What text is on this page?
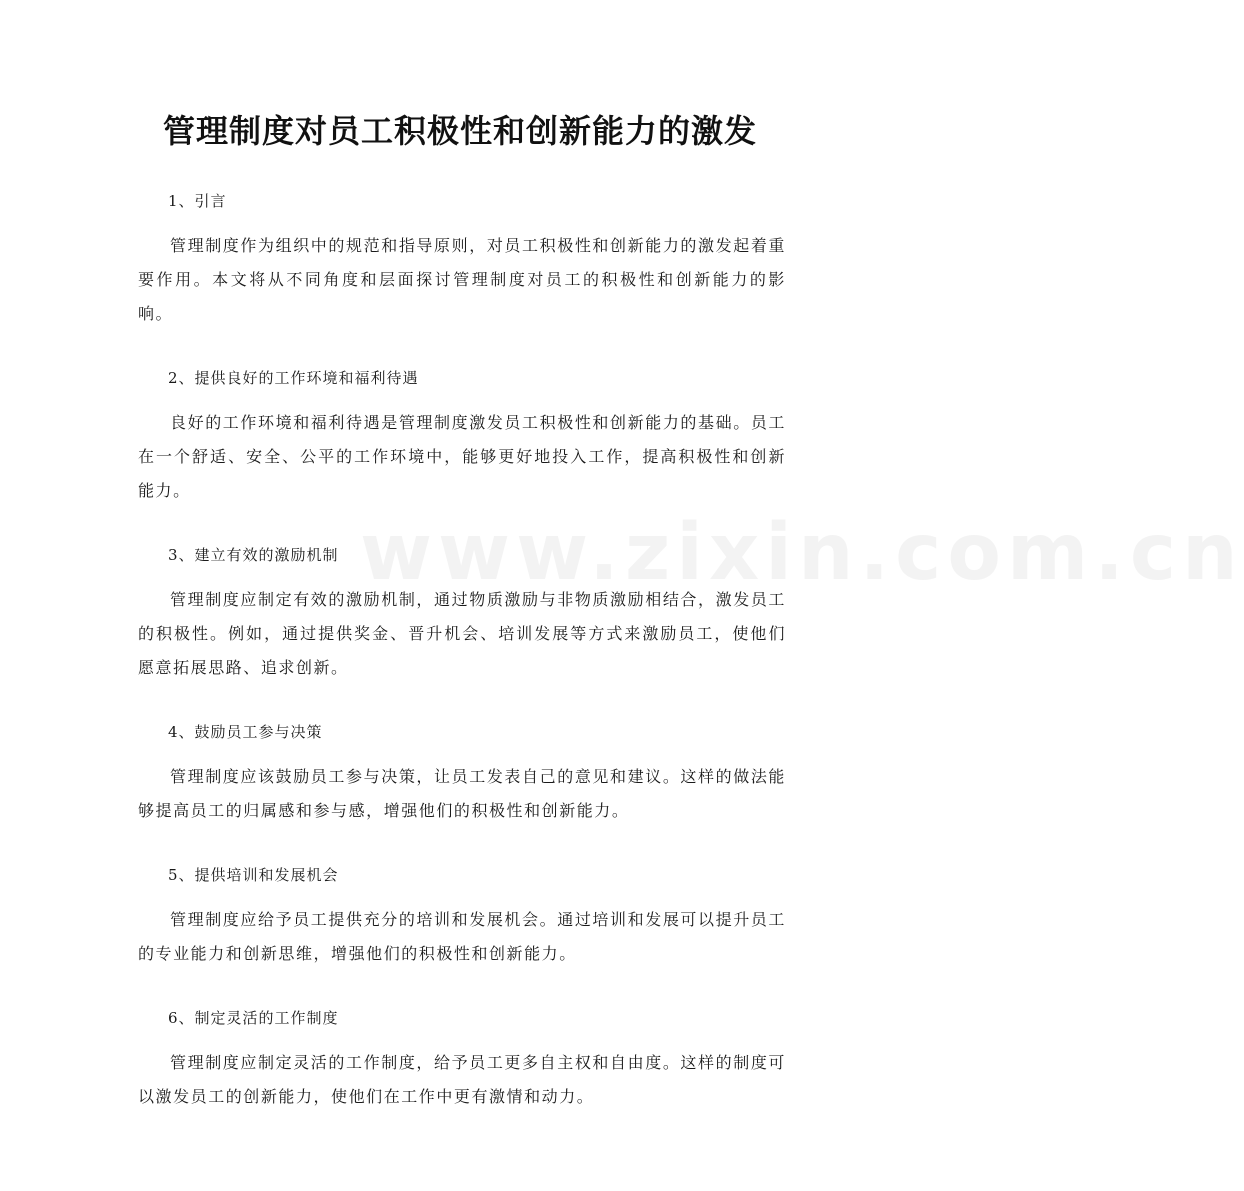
www.zixin.com.cn
管理制度对员工积极性和创新能力的激发

1、引言

管理制度作为组织中的规范和指导原则，对员工积极性和创新能力的激发起着重要作用。本文将从不同角度和层面探讨管理制度对员工的积极性和创新能力的影响。

2、提供良好的工作环境和福利待遇

良好的工作环境和福利待遇是管理制度激发员工积极性和创新能力的基础。员工在一个舒适、安全、公平的工作环境中，能够更好地投入工作，提高积极性和创新能力。

3、建立有效的激励机制

管理制度应制定有效的激励机制，通过物质激励与非物质激励相结合，激发员工的积极性。例如，通过提供奖金、晋升机会、培训发展等方式来激励员工，使他们愿意拓展思路、追求创新。

4、鼓励员工参与决策

管理制度应该鼓励员工参与决策，让员工发表自己的意见和建议。这样的做法能够提高员工的归属感和参与感，增强他们的积极性和创新能力。

5、提供培训和发展机会

管理制度应给予员工提供充分的培训和发展机会。通过培训和发展可以提升员工的专业能力和创新思维，增强他们的积极性和创新能力。

6、制定灵活的工作制度

管理制度应制定灵活的工作制度，给予员工更多自主权和自由度。这样的制度可以激发员工的创新能力，使他们在工作中更有激情和动力。
